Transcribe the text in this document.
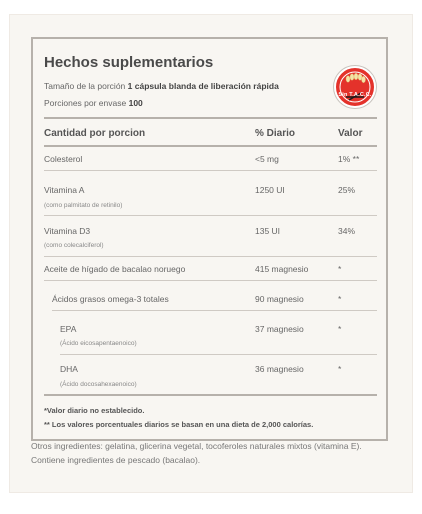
Hechos suplementarios
Tamaño de la porción 1 cápsula blanda de liberación rápida
Porciones por envase 100
Sin T.A.C.C.
Cantidad por porcion	% Diario	Valor
Colesterol	<5 mg	1% **
Vitamina A	1250 UI	25%
(como palmitato de retinilo)
Vitamina D3	135 UI	34%
(como colecalciferol)
Aceite de hígado de bacalao noruego	415 magnesio	*
Ácidos grasos omega-3 totales	90 magnesio	*
EPA	37 magnesio	*
(Ácido eicosapentaenoico)
DHA	36 magnesio	*
(Ácido docosahexaenoico)
*Valor diario no establecido.
** Los valores porcentuales diarios se basan en una dieta de 2,000 calorías.
Otros ingredientes: gelatina, glicerina vegetal, tocoferoles naturales mixtos (vitamina E).
Contiene ingredientes de pescado (bacalao).
